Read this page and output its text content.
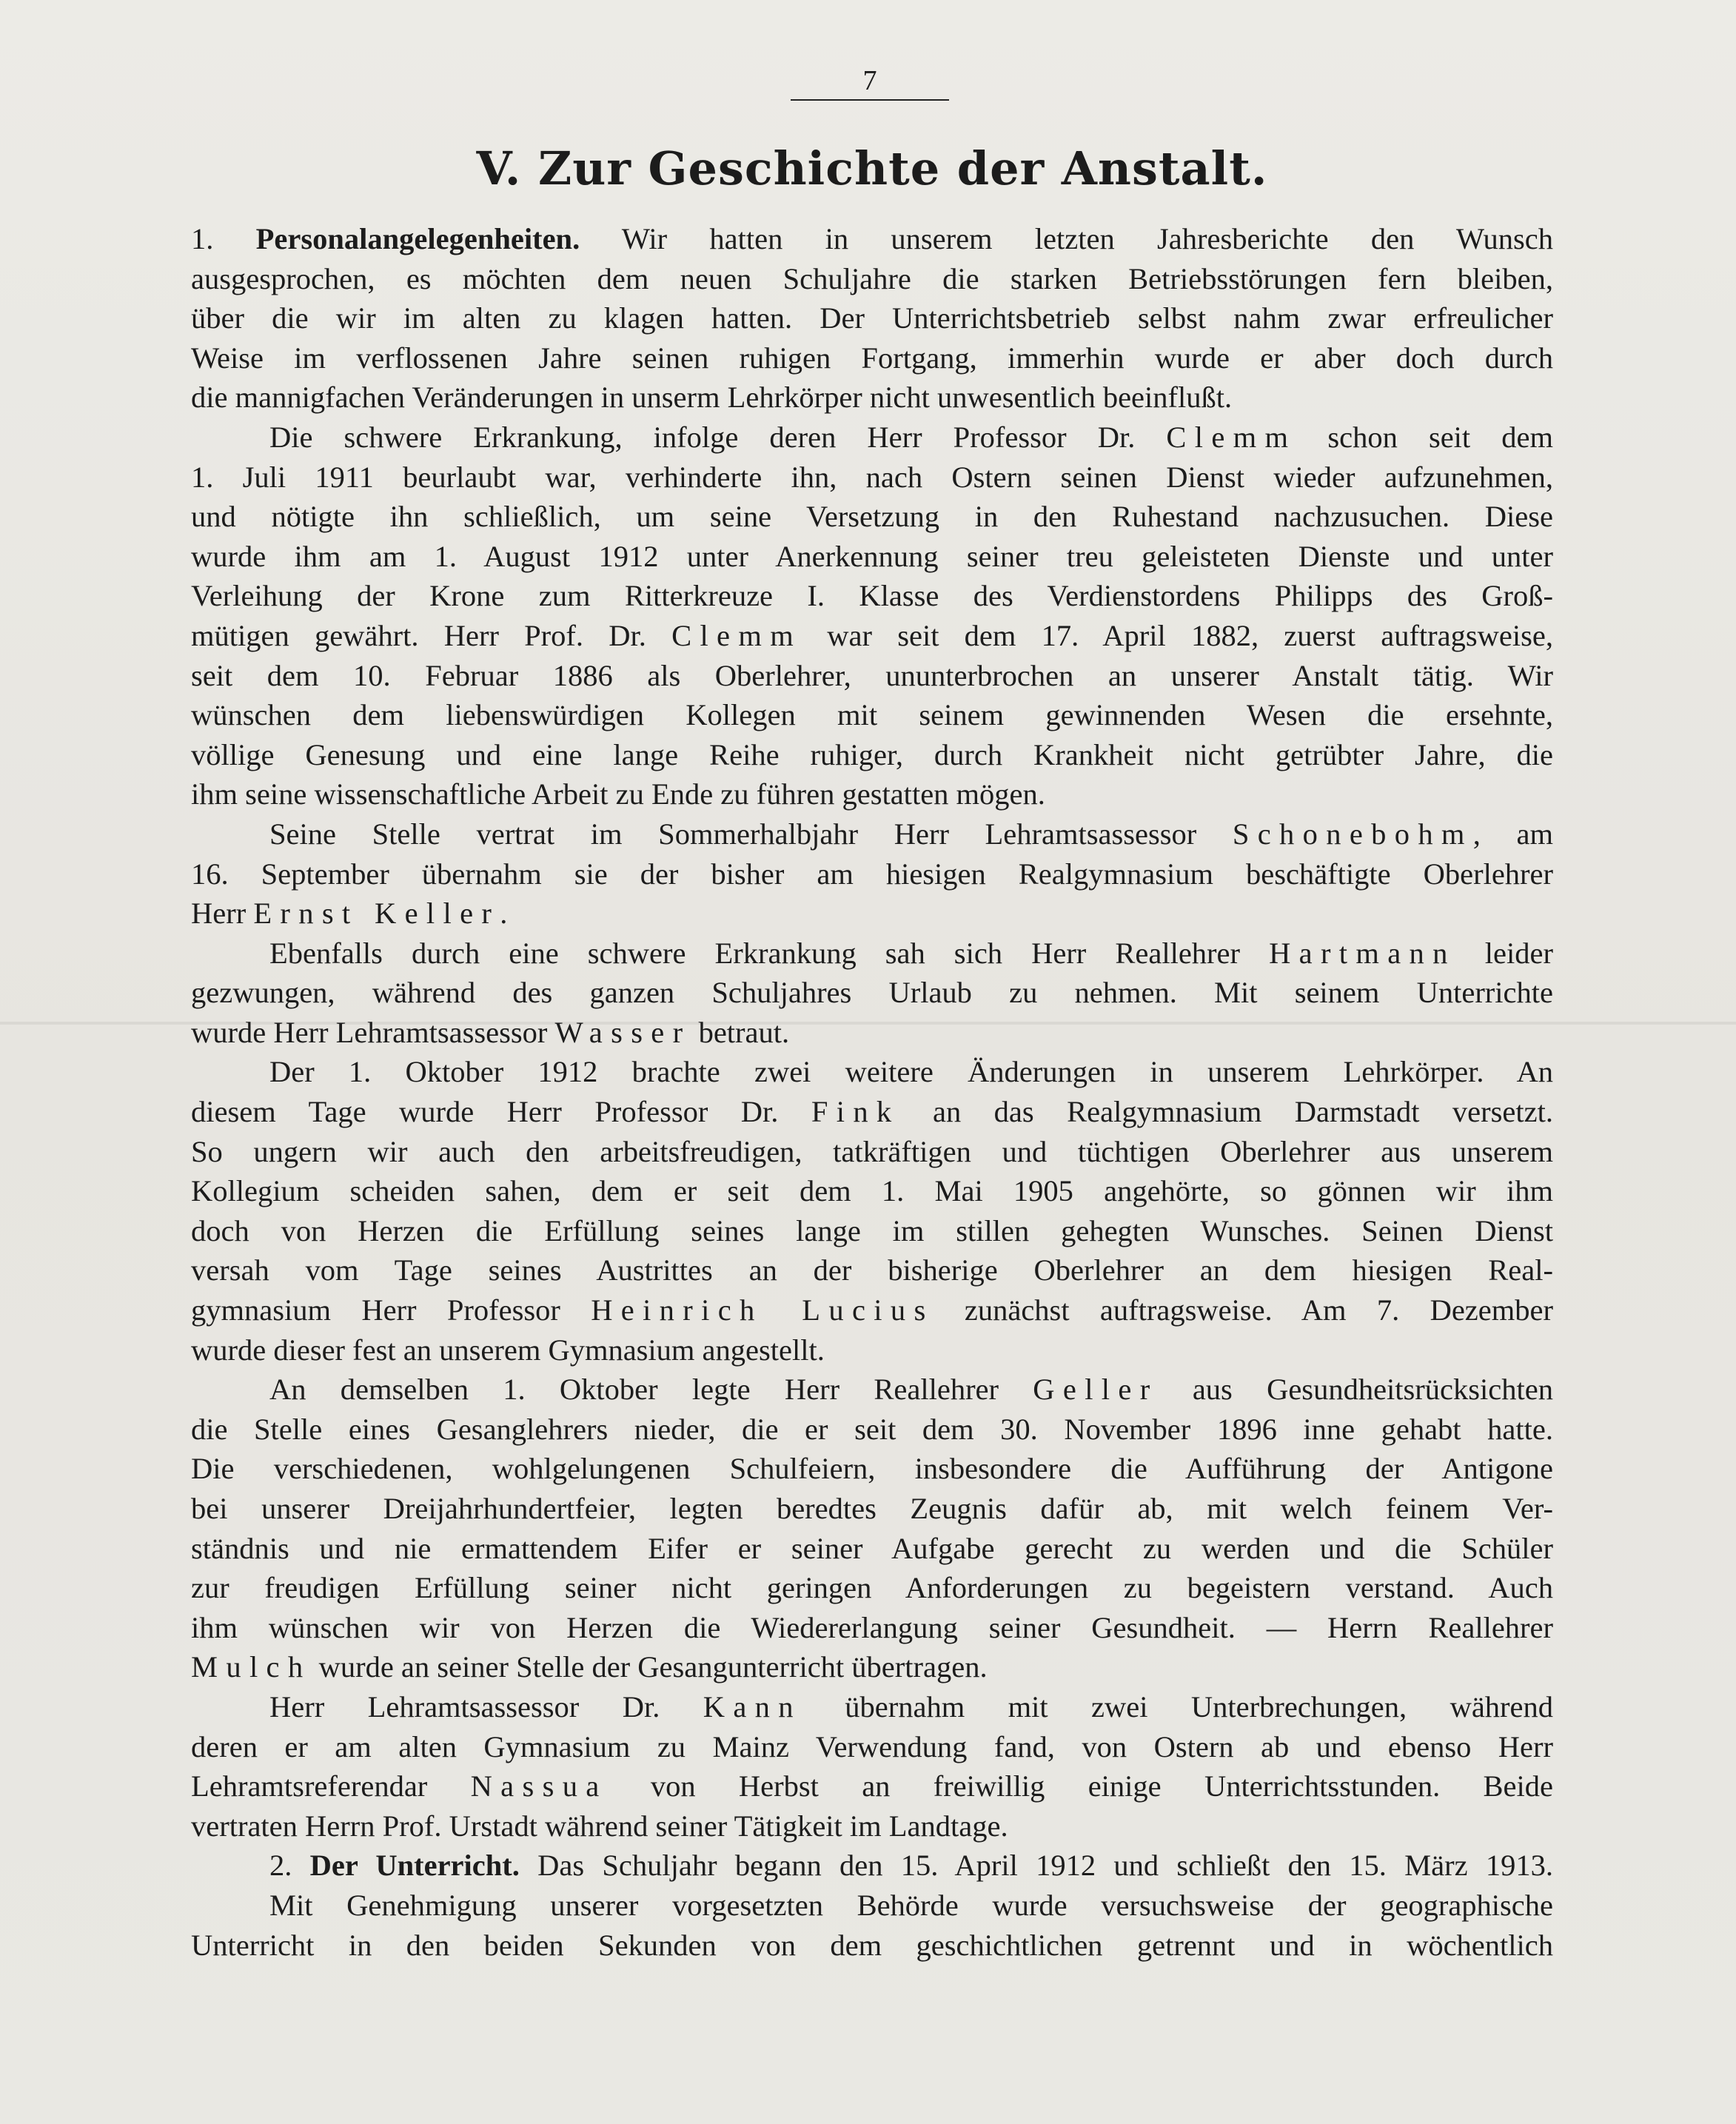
7
V. Zur Geschichte der Anstalt.
1. Personalangelegenheiten. Wir hatten in unserem letzten Jahresberichte den Wunsch
ausgesprochen, es möchten dem neuen Schuljahre die starken Betriebsstörungen fern bleiben,
über die wir im alten zu klagen hatten. Der Unterrichtsbetrieb selbst nahm zwar erfreulicher
Weise im verflossenen Jahre seinen ruhigen Fortgang, immerhin wurde er aber doch durch
die mannigfachen Veränderungen in unserm Lehrkörper nicht unwesentlich beeinflußt.
Die schwere Erkrankung, infolge deren Herr Professor Dr. Clemm schon seit dem
1. Juli 1911 beurlaubt war, verhinderte ihn, nach Ostern seinen Dienst wieder aufzunehmen,
und nötigte ihn schließlich, um seine Versetzung in den Ruhestand nachzusuchen. Diese
wurde ihm am 1. August 1912 unter Anerkennung seiner treu geleisteten Dienste und unter
Verleihung der Krone zum Ritterkreuze I. Klasse des Verdienstordens Philipps des Groß-
mütigen gewährt. Herr Prof. Dr. Clemm war seit dem 17. April 1882, zuerst auftragsweise,
seit dem 10. Februar 1886 als Oberlehrer, ununterbrochen an unserer Anstalt tätig. Wir
wünschen dem liebenswürdigen Kollegen mit seinem gewinnenden Wesen die ersehnte,
völlige Genesung und eine lange Reihe ruhiger, durch Krankheit nicht getrübter Jahre, die
ihm seine wissenschaftliche Arbeit zu Ende zu führen gestatten mögen.
Seine Stelle vertrat im Sommerhalbjahr Herr Lehramtsassessor Schonebohm, am
16. September übernahm sie der bisher am hiesigen Realgymnasium beschäftigte Oberlehrer
Herr Ernst Keller.
Ebenfalls durch eine schwere Erkrankung sah sich Herr Reallehrer Hartmann leider
gezwungen, während des ganzen Schuljahres Urlaub zu nehmen. Mit seinem Unterrichte
wurde Herr Lehramtsassessor Wasser betraut.
Der 1. Oktober 1912 brachte zwei weitere Änderungen in unserem Lehrkörper. An
diesem Tage wurde Herr Professor Dr. Fink an das Realgymnasium Darmstadt versetzt.
So ungern wir auch den arbeitsfreudigen, tatkräftigen und tüchtigen Oberlehrer aus unserem
Kollegium scheiden sahen, dem er seit dem 1. Mai 1905 angehörte, so gönnen wir ihm
doch von Herzen die Erfüllung seines lange im stillen gehegten Wunsches. Seinen Dienst
versah vom Tage seines Austrittes an der bisherige Oberlehrer an dem hiesigen Real-
gymnasium Herr Professor Heinrich Lucius zunächst auftragsweise. Am 7. Dezember
wurde dieser fest an unserem Gymnasium angestellt.
An demselben 1. Oktober legte Herr Reallehrer Geller aus Gesundheitsrücksichten
die Stelle eines Gesanglehrers nieder, die er seit dem 30. November 1896 inne gehabt hatte.
Die verschiedenen, wohlgelungenen Schulfeiern, insbesondere die Aufführung der Antigone
bei unserer Dreijahrhundertfeier, legten beredtes Zeugnis dafür ab, mit welch feinem Ver-
ständnis und nie ermattendem Eifer er seiner Aufgabe gerecht zu werden und die Schüler
zur freudigen Erfüllung seiner nicht geringen Anforderungen zu begeistern verstand. Auch
ihm wünschen wir von Herzen die Wiedererlangung seiner Gesundheit. — Herrn Reallehrer
Mulch wurde an seiner Stelle der Gesangunterricht übertragen.
Herr Lehramtsassessor Dr. Kann übernahm mit zwei Unterbrechungen, während
deren er am alten Gymnasium zu Mainz Verwendung fand, von Ostern ab und ebenso Herr
Lehramtsreferendar Nassua von Herbst an freiwillig einige Unterrichtsstunden. Beide
vertraten Herrn Prof. Urstadt während seiner Tätigkeit im Landtage.
2. Der Unterricht. Das Schuljahr begann den 15. April 1912 und schließt den 15. März 1913.
Mit Genehmigung unserer vorgesetzten Behörde wurde versuchsweise der geographische
Unterricht in den beiden Sekunden von dem geschichtlichen getrennt und in wöchentlich
